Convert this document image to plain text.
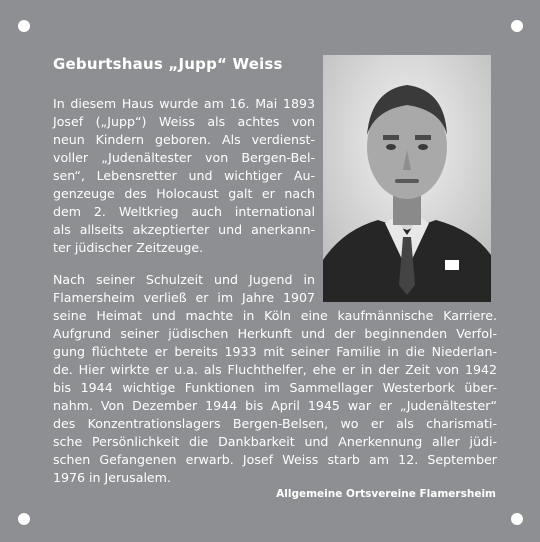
Geburtshaus „Jupp“ Weiss
In diesem Haus wurde am 16. Mai 1893
Josef („Jupp“) Weiss als achtes von
neun Kindern geboren. Als verdienst-
voller „Judenältester von Bergen-Bel-
sen“, Lebensretter und wichtiger Au-
genzeuge des Holocaust galt er nach
dem 2. Weltkrieg auch international
als allseits akzeptierter und anerkann-
ter jüdischer Zeitzeuge.
Nach seiner Schulzeit und Jugend in
Flamersheim verließ er im Jahre 1907
seine Heimat und machte in Köln eine kaufmännische Karriere.
Aufgrund seiner jüdischen Herkunft und der beginnenden Verfol-
gung flüchtete er bereits 1933 mit seiner Familie in die Niederlan-
de. Hier wirkte er u.a. als Fluchthelfer, ehe er in der Zeit von 1942
bis 1944 wichtige Funktionen im Sammellager Westerbork über-
nahm. Von Dezember 1944 bis April 1945 war er „Judenältester“
des Konzentrationslagers Bergen-Belsen, wo er als charismati-
sche Persönlichkeit die Dankbarkeit und Anerkennung aller jüdi-
schen Gefangenen erwarb. Josef Weiss starb am 12. September
1976 in Jerusalem.
Allgemeine Ortsvereine Flamersheim
